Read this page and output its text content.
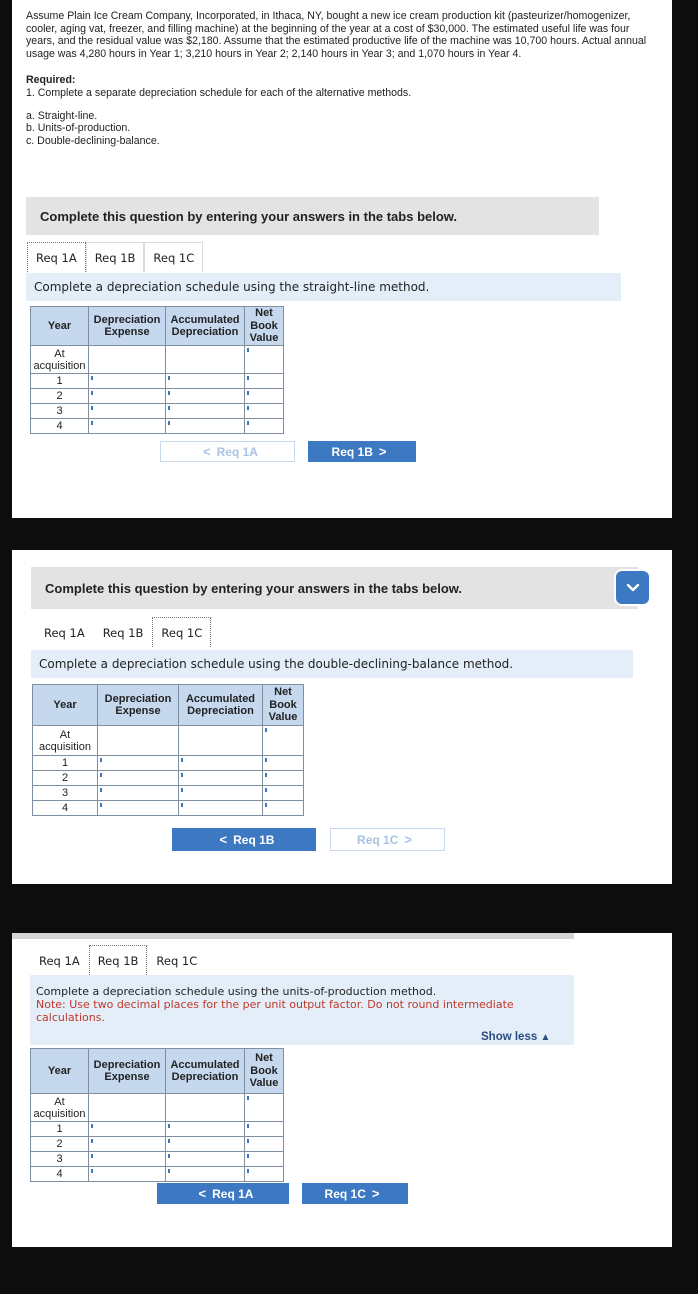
Assume Plain Ice Cream Company, Incorporated, in Ithaca, NY, bought a new ice cream production kit (pasteurizer/homogenizer, cooler, aging vat, freezer, and filling machine) at the beginning of the year at a cost of $30,000. The estimated useful life was four years, and the residual value was $2,180. Assume that the estimated productive life of the machine was 10,700 hours. Actual annual usage was 4,280 hours in Year 1; 3,210 hours in Year 2; 2,140 hours in Year 3; and 1,070 hours in Year 4.
Required:
1. Complete a separate depreciation schedule for each of the alternative methods.
a. Straight-line.
b. Units-of-production.
c. Double-declining-balance.
Complete this question by entering your answers in the tabs below.
Req 1A	Req 1B	Req 1C
Complete a depreciation schedule using the straight-line method.
Year	Depreciation Expense	Accumulated Depreciation	Net Book Value
At acquisition			
1			
2			
3			
4			
< Req 1A	Req 1B >
Complete this question by entering your answers in the tabs below.
Req 1A	Req 1B	Req 1C
Complete a depreciation schedule using the double-declining-balance method.
Year	Depreciation Expense	Accumulated Depreciation	Net Book Value
At acquisition			
1			
2			
3			
4			
< Req 1B	Req 1C >
Req 1A	Req 1B	Req 1C
Complete a depreciation schedule using the units-of-production method.
Note: Use two decimal places for the per unit output factor. Do not round intermediate calculations.
Show less ▲
Year	Depreciation Expense	Accumulated Depreciation	Net Book Value
At acquisition			
1			
2			
3			
4			
< Req 1A	Req 1C >
